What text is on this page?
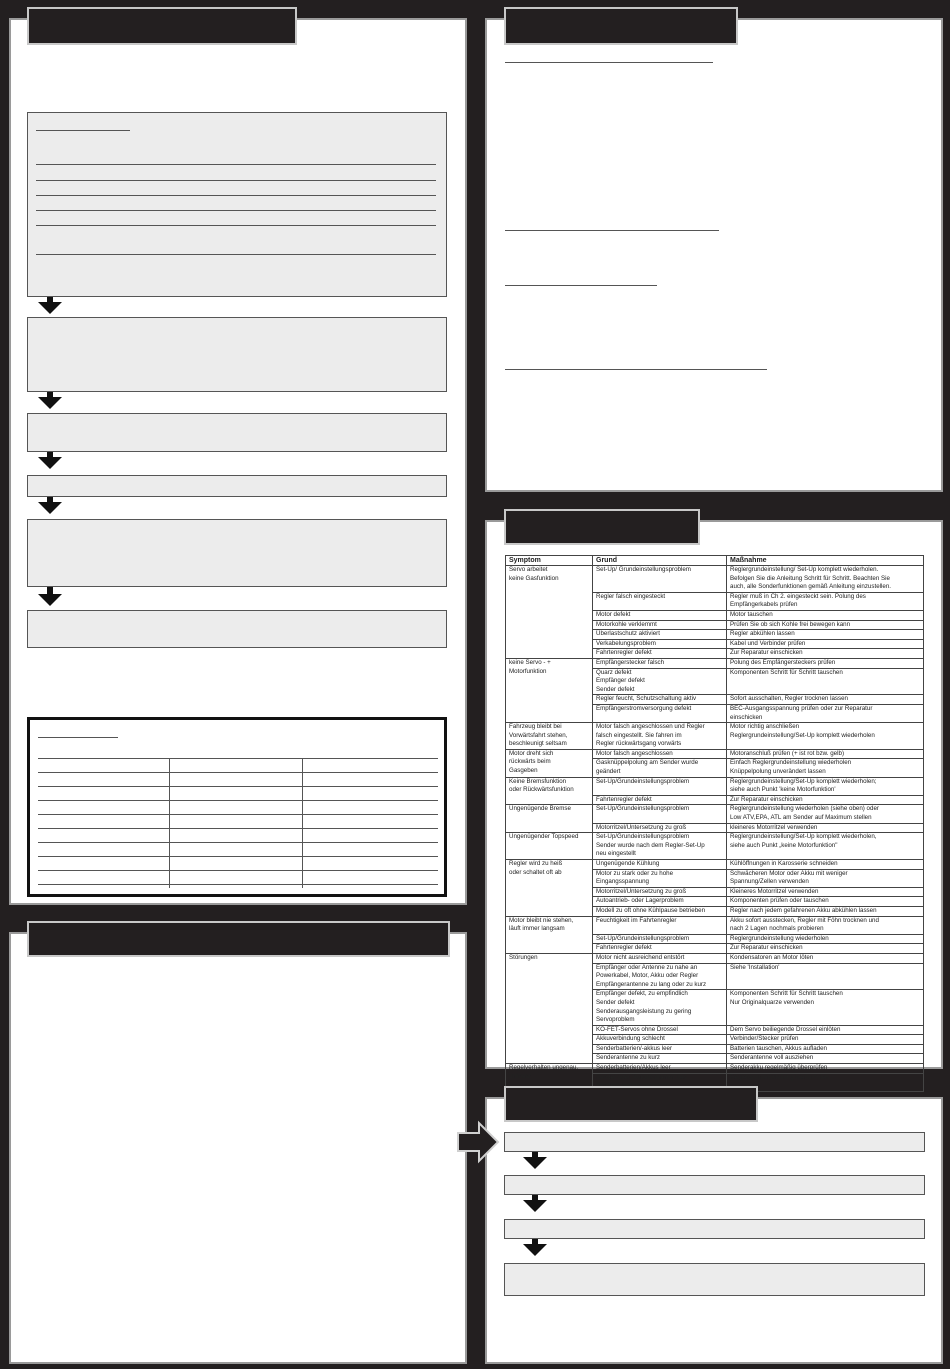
Symptom	Grund	Maßnahme
Servo arbeitet
keine Gasfunktion	Set-Up/ Grundeinstellungsproblem	Reglergrundeinstellung/ Set-Up komplett wiederholen.
Befolgen Sie die Anleitung Schritt für Schritt. Beachten Sie
auch, alle Sonderfunktionen gemäß Anleitung einzustellen.
	Regler falsch eingesteckt	Regler muß in Ch 2. eingesteckt sein. Polung des
Empfängerkabels prüfen
	Motor defekt	Motor tauschen
	Motorkohle verklemmt	Prüfen Sie ob sich Kohle frei bewegen kann
	Überlastschutz aktiviert	Regler abkühlen lassen
	Verkabelungsproblem	Kabel und Verbinder prüfen
	Fahrtenregler defekt	Zur Reparatur einschicken
keine Servo - +
Motorfunktion	Empfängerstecker falsch	Polung des Empfängersteckers prüfen
	Quarz defekt
Empfänger defekt
Sender defekt	Komponenten Schritt für Schritt tauschen
	Regler feucht, Schutzschaltung aktiv	Sofort ausschalten, Regler trocknen lassen
	Empfängerstromversorgung defekt	BEC-Ausgangsspannung prüfen oder zur Reparatur
einschicken
Fahrzeug bleibt bei
Vorwärtsfahrt stehen,
beschleunigt seltsam	Motor falsch angeschlossen und Regler
falsch eingestellt. Sie fahren im
Regler rückwärtsgang vorwärts	Motor richtig anschließen
Reglergrundeinstellung/Set-Up komplett wiederholen
Motor dreht sich
rückwärts beim
Gasgeben	Motor falsch angeschlossen	Motoranschluß prüfen (+ ist rot bzw. gelb)
	Gasknüppelpolung am Sender wurde
geändert	Einfach Reglergrundeinstellung wiederholen
Knüppelpolung unverändert lassen
Keine Bremsfunktion
oder Rückwärtsfunktion	Set-Up/Grundeinstellungsproblem	Reglergrundeinstellung/Set-Up komplett wiederholen;
siehe auch Punkt 'keine Motorfunktion'
	Fahrtenregler defekt	Zur Reparatur einschicken
Ungenügende Bremse	Set-Up/Grundeinstellungsproblem	Reglergrundeinstellung wiederholen (siehe oben) oder
Low ATV,EPA, ATL am Sender auf Maximum stellen
	Motorritzel/Untersetzung zu groß	kleineres Motorritzel verwenden
Ungenügender Topspeed	Set-Up/Grundeinstellungsproblem
Sender wurde nach dem Regler-Set-Up
neu eingestellt	Reglergrundeinstellung/Set-Up komplett wiederholen,
siehe auch Punkt „keine Motorfunktion"
Regler wird zu heiß
oder schaltet oft ab	Ungenügende Kühlung	Kühlöffnungen in Karosserie schneiden
	Motor zu stark oder zu hohe
Eingangsspannung	Schwächeren Motor oder Akku mit weniger
Spannung/Zellen verwenden
	Motorritzel/Untersetzung zu groß	Kleineres Motorritzel verwenden
	Autoantrieb- oder Lagerproblem	Komponenten prüfen oder tauschen
	Modell zu oft ohne Kühlpause betrieben	Regler nach jedem gefahrenen Akku abkühlen lassen
Motor bleibt nie stehen,
läuft immer langsam	Feuchtigkeit im Fahrtenregler	Akku sofort ausstecken, Regler mit Föhn trocknen und
nach 2 Lagen nochmals probieren
	Set-Up/Grundeinstellungsproblem	Reglergrundeinstellung wiederholen
	Fahrtenregler defekt	Zur Reparatur einschicken
Störungen	Motor nicht ausreichend entstört	Kondensatoren an Motor löten
	Empfänger oder Antenne zu nahe an
Powerkabel, Motor, Akku oder Regler
Empfängerantenne zu lang oder zu kurz	Siehe 'Installation'
	Empfänger defekt, zu empfindlich
Sender defekt
Senderausgangsleistung zu gering
Servoproblem	Komponenten Schritt für Schritt tauschen
Nur Originalquarze verwenden
	KO-FET-Servos ohne Drossel	Dem Servo beiliegende Drossel einlöten
	Akkuverbindung schlecht	Verbinder/Stecker prüfen
	Senderbatterien/-akkus leer	Batterien tauschen, Akkus aufladen
	Senderantenne zu kurz	Senderantenne voll ausziehen
Regelverhalten ungenau,
unlinear	Senderbatterien/Akkus leer	Senderakku regelmäßig überprüfen
	Sender oder 'Autoprogramm' des	Reglergrundeinstellung wiederholen
